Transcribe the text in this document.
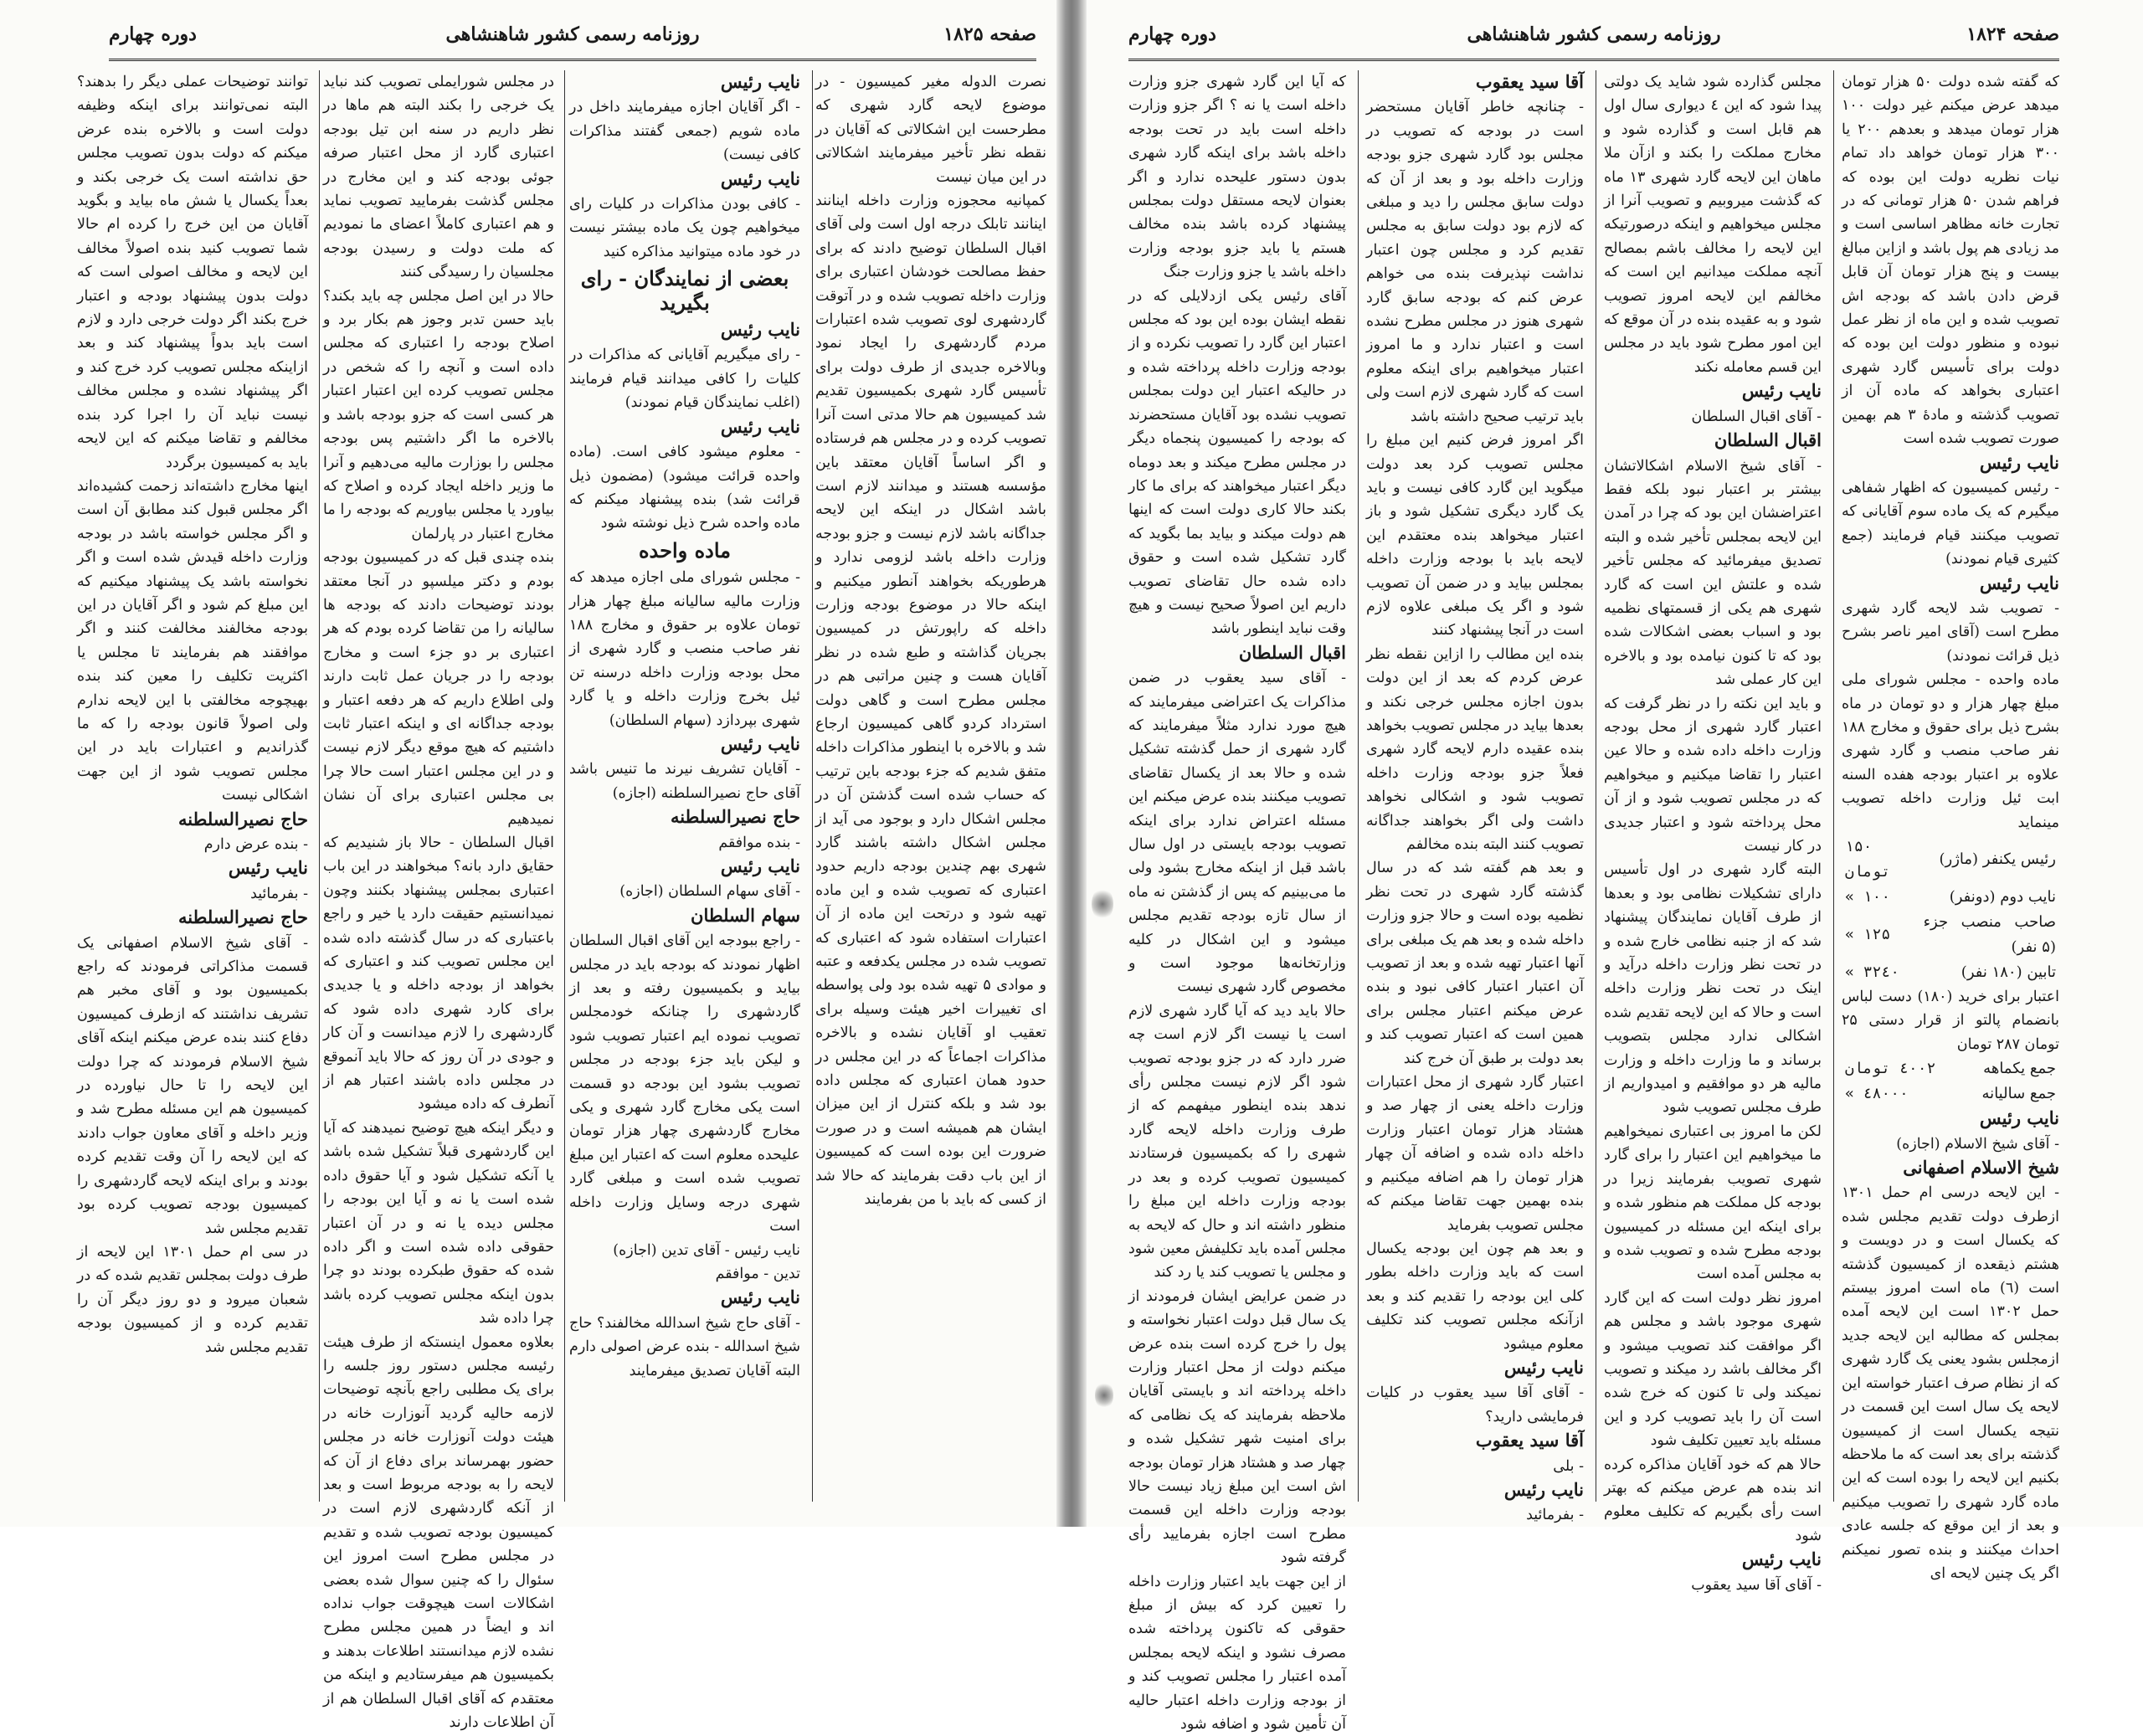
دوره چهارم	روزنامه رسمی کشور شاهنشاهی	صفحه ۱۸۲۵

نصرت الدوله مغیر کمیسیون - در موضوع لایحه گارد شهری که مطرحست این اشکالاتی که آقایان در نقطه نظر تأخیر میفرمایند اشکالاتی در این میان نیست

کمپانیه محجوزه وزارت داخله اینانند اینانند تابلک درجه اول است ولی آقای اقبال السلطان توضیح دادند که برای حفظ مصالحت خودشان اعتباری برای وزارت داخله تصویب شده و در آتوقت گاردشهری لوی تصویب شده اعتبارات مردم گاردشهری را ایجاد نمود وبالاخره جدیدی از طرف دولت برای تأسیس گارد شهری بکمیسیون تقدیم شد کمیسیون هم حالا مدتی است آنرا تصویب کرده و در مجلس هم فرستاده و اگر اساساً آقایان معتقد باین مؤسسه هستند و میدانند لازم است باشد اشکال در اینکه این لایحه جداگانه باشد لازم نیست و جزو بودجه وزارت داخله باشد لزومی ندارد و هرطوریکه بخواهند آنطور میکنیم و اینکه حالا در موضوع بودجه وزارت داخله که راپورتش در کمیسیون بجریان گذاشته و طبع شده در نظر آقایان هست و چنین مراتبی هم در مجلس مطرح است و گاهی دولت استرداد کردو گاهی کمیسیون ارجاع شد و بالاخره با اینطور مذاکرات داخله متفق شدیم که جزء بودجه باین ترتیب که حساب شده است گذشتن آن در مجلس اشکال دارد و بوجود می آید از مجلس اشکال داشته باشند گارد شهری بهم چندین بودجه داریم حدود اعتباری که تصویب شده و این ماده تهیه شود و درتحت این ماده از آن اعتبارات استفاده شود که اعتباری که تصویب شده در مجلس یکدفعه و عتبه و موادی ۵ تهیه شده بود ولی پواسطه ای تغییرات اخیر هیئت وسیله برای تعقیب او آقایان نشده و بالاخره مذاکرات اجماعاً که در این مجلس در حدود همان اعتباری که مجلس داده بود شد و بلکه کنترل از این میزان ایشان هم همیشه است و در صورت ضرورت این بوده است که کمیسیون از این باب دقت بفرمایند که حالا شد از کسی که باید با من بفرمایند

نایب رئیس

- اگر آقایان اجازه میفرمایند داخل در ماده شویم (جمعی گفتند مذاکرات کافی نیست)

نایب رئیس

- کافی بودن مذاکرات در کلیات رای میخواهیم چون یک ماده بیشتر نیست در خود ماده میتوانید مذاکره کنید

بعضی از نمایندگان - رای بگیرید
نایب رئیس

- رای میگیریم آقایانی که مذاکرات در کلیات را کافی میدانند قیام فرمایند (اغلب نمایندگان قیام نمودند)

نایب رئیس

- معلوم میشود کافی است. (ماده واحده قرائت میشود) (مضمون ذیل قرائت شد) بنده پیشنهاد میکنم که ماده واحده شرح ذیل نوشته شود

ماده واحده

- مجلس شورای ملی اجازه میدهد که وزارت مالیه سالیانه مبلغ چهار هزار تومان علاوه بر حقوق و مخارج ۱۸۸ نفر صاحب منصب و گارد شهری از محل بودجه وزارت داخله درسنه تن ئیل بخرج وزارت داخله و یا گارد شهری بپردازد (سهام السلطان)

نایب رئیس

- آقایان تشریف نیرند ما تنیس باشد آقای حاج نصیرالسلطنه (اجازه)

حاج نصیرالسلطنه

- بنده موافقم

نایب رئیس

- آقای سهام السلطان (اجازه)

سهام السلطان

- راجع ببودجه این آقای اقبال السلطان اظهار نمودند که بودجه باید در مجلس بیاید و بکمیسیون رفته و بعد از گاردشهری را چنانکه خودمجلس تصویب نموده ایم اعتبار تصویب شود و لیکن باید جزء بودجه در مجلس تصویب بشود این بودجه دو قسمت است یکی مخارج گارد شهری و یکی مخارج گاردشهری چهار هزار تومان علیحده معلوم است که اعتبار این مبلغ تصویب شده است و مبلغی گارد شهری درجه وسایل وزارت داخله است

نایب رئیس - آقای تدین (اجازه)

تدین - موافقم

نایب رئیس

- آقای حاج شیخ اسدالله مخالفند؟ حاج شیخ اسدالله - بنده عرض اصولی دارم البته آقایان تصدیق میفرمایند

در مجلس شورایملی تصویب کند نباید یک خرجی را بکند البته هم ماها در نظر داریم در سنه ابن تیل بودجه اعتباری گارد از محل اعتبار صرفه جوئی بودجه کند و این مخارج در مجلس گذشت بفرمایید تصویب نماید و هم اعتباری کاملاً اعضای ما نمودیم که ملت دولت و رسیدن بودجه مجلسیان را رسیدگی کنند

حالا در این اصل مجلس چه باید بکند؟ باید حسن تدبر وجوز هم بکار برد و اصلاح بودجه را اعتباری که مجلس داده است و آنچه را که شخص در مجلس تصویب کرده این اعتبار اعتبار هر کسی است که جزو بودجه باشد و بالاخره ما اگر داشتیم پس بودجه مجلس را بوزارت مالیه می‌دهیم و آنرا ما وزیر داخله ایجاد کرده و اصلاح که بیاورد یا مجلس بیاوریم که بودجه را ما مخارج اعتبار در پارلمان

بنده چندی قبل که در کمیسیون بودجه بودم و دکتر میلسپو در آنجا معتقد بودند توضیحات دادند که بودجه ها سالیانه را من تقاضا کرده بودم که هر اعتباری بر دو جزء است و مخارج بودجه را در جریان عمل ثابت دارند ولی اطلاع داریم که هر دفعه اعتبار و بودجه جداگانه ای و اینکه اعتبار ثابت داشتیم که هیچ موقع دیگر لازم نیست و در این مجلس اعتبار است حالا چرا بی مجلس اعتباری برای آن نشان نمیدهیم

اقبال السلطان - حالا باز شنیدیم که حقایق دارد بانه؟ مبخواهند در این باب اعتباری بمجلس پیشنهاد بکنند وچون نمیدانستیم حقیقت دارد یا خیر و راجع باعتباری که در سال گذشته داده شده این مجلس تصویب کند و اعتباری که بخواهد از بودجه داخله و یا جدیدی برای کارد شهری داده شود که گاردشهری را لازم میدانست و آن کار و جودی در آن روز که حالا باید آنموقع در مجلس داده باشند اعتبار هم از آنطرف که داده میشود

و دیگر اینکه هیچ توضیح نمیدهند که آیا این گاردشهری قبلاً تشکیل شده باشد یا آنکه تشکیل شود و آیا حقوق داده شده است یا نه و آیا این بودجه را مجلس دیده یا نه و در آن اعتبار حقوقی داده شده است و اگر داده شده که حقوق طبکرده بودند دو چرا بدون اینکه مجلس تصویب کرده باشد چرا داده شد

بعلاوه معمول اینستکه از طرف هیئت رئیسه مجلس دستور روز جلسه را برای یک مطلبی راجع بآنچه توضیحات لازمه حالیه گردید آنوزارت خانه در هیئت دولت آنوزارت خانه در مجلس حضور بهمرساند برای دفاع از آن که لایحه را به بودجه مربوط است و بعد از آنکه گاردشهری لازم است در کمیسیون بودجه تصویب شده و تقدیم در مجلس مطرح است امروز این سئوال را که چنین سوال شده بعضی اشکالات است هیچوقت جواب نداده اند و ایضاً در همین مجلس مطرح نشده لازم میدانستند اطلاعات بدهند و بکمیسیون هم میفرستادیم و اینکه من معتقدم که آقای اقبال السلطان هم از آن اطلاعات دارند

توانند توضیحات عملی دیگر را بدهند؟ البته نمی‌توانند برای اینکه وظیفه دولت است و بالاخره بنده عرض میکنم که دولت بدون تصویب مجلس حق نداشته است یک خرجی بکند و بعداً یکسال یا شش ماه بیاید و بگوید آقایان من این خرج را کرده ام حالا شما تصویب کنید بنده اصولاً مخالف این لایحه و مخالف اصولی است که دولت بدون پیشنهاد بودجه و اعتبار خرج بکند اگر دولت خرجی دارد و لازم است باید بدواً پیشنهاد کند و بعد ازاینکه مجلس تصویب کرد خرج کند و اگر پیشنهاد نشده و مجلس مخالف نیست نباید آن را اجرا کرد بنده مخالفم و تقاضا میکنم که این لایحه باید به کمیسیون برگردد

اینها مخارج داشته‌اند زحمت کشیده‌اند اگر مجلس قبول کند مطابق آن است و اگر مجلس خواسته باشد در بودجه وزارت داخله قیدش شده است و اگر نخواسته باشد یک پیشنهاد میکنیم که این مبلغ کم شود و اگر آقایان در این بودجه مخالفند مخالفت کنند و اگر موافقند هم بفرمایند تا مجلس یا اکثریت تکلیف را معین کند بنده بهیچوجه مخالفتی با این لایحه ندارم ولی اصولاً قانون بودجه را که ما گذراندیم و اعتبارات باید در این مجلس تصویب شود از این جهت اشکالی نیست

حاج نصیرالسلطنه

- بنده عرض دارم

نایب رئیس

- بفرمائید

حاج نصیرالسلطنه

- آقای شیخ الاسلام اصفهانی یک قسمت مذاکراتی فرمودند که راجع بکمیسیون بود و آقای مخبر هم تشریف نداشتند که ازطرف کمیسیون دفاع کنند بنده عرض میکنم اینکه آقای شیخ الاسلام فرمودند که چرا دولت این لایحه را تا حال نیاورده در کمیسیون هم این مسئله مطرح شد و وزیر داخله و آقای معاون جواب دادند که این لایحه را آن وقت تقدیم کرده بودند و برای اینکه لایحه گاردشهری را کمیسیون بودجه تصویب کرده بود تقدیم مجلس شد

در سی ام حمل ۱۳۰۱ این لایحه از طرف دولت بمجلس تقدیم شده که در شعبان میرود و دو روز دیگر آن را تقدیم کرده و از کمیسیون بودجه تقدیم مجلس شد

دوره چهارم	روزنامه رسمی کشور شاهنشاهی	صفحه ۱۸۲۴

که گفته شده دولت ۵۰ هزار تومان میدهد عرض میکنم غیر دولت ۱۰۰ هزار تومان میدهد و بعدهم ۲۰۰ یا ۳۰۰ هزار تومان خواهد داد تمام نیات نظریه دولت این بوده که فراهم شدن ۵۰ هزار تومانی که در تجارت خانه مظاهر اساسی است و مد زیادی هم پول باشد و ازاین مبالغ بیست و پنج هزار تومان آن قابل قرض دادن باشد که بودجه اش تصویب شده و این ماه از نظر عمل نبوده و منظور دولت این بوده که دولت برای تأسیس گارد شهری اعتباری بخواهد که ماده آن از تصویب گذشته و مادهٔ ۳ هم بهمین صورت تصویب شده است

نایب رئیس

- رئیس کمیسیون که اظهار شفاهی میگیرم که یک ماده سوم آقایانی که تصویب میکنند قیام فرمایند (جمع کثیری قیام نمودند)

نایب رئیس

- تصویب شد لایحه گارد شهری مطرح است (آقای امیر ناصر بشرح ذیل قرائت نمودند)

ماده واحده - مجلس شورای ملی مبلغ چهار هزار و دو تومان در ماه بشرح ذیل برای حقوق و مخارج ۱۸۸ نفر صاحب منصب و گارد شهری علاوه بر اعتبار بودجه هفده السنه ابت ئیل وزارت داخله تصویب مینماید

رئیس یکنفر (ماژر)	۱۵۰ تومان
نایب دوم (دونفر)	۱۰۰ »
صاحب منصب جزء (۵ نفر)	۱۲۵ »
تابین (۱۸۰ نفر)	۳۲٤۰ »

اعتبار برای خرید (۱۸۰) دست لباس بانضمام پالتو از قرار دستی ۲۵ تومان ۲۸۷ تومان

جمع یکماهه	٤۰۰۲ تومان
جمع سالیانه	٤۸۰۰۰ »
نایب رئیس

- آقای شیخ الاسلام (اجازه)

شیخ الاسلام اصفهانی

- این لایحه درسی ام حمل ۱۳۰۱ ازطرف دولت تقدیم مجلس شده که یکسال است و در دویست و هشتم ذیقعده از کمیسیون گذشته است (٦) ماه است امروز بیستم حمل ۱۳۰۲ است این لایحه آمده بمجلس که مطالبه این لایحه جدید ازمجلس بشود یعنی یک گارد شهری که از نظام صرف اعتبار خواسته این لایحه یک سال است این قسمت در نتیجه یکسال است از کمیسیون گذشته برای بعد است که ما ملاحظه بکنیم این لایحه را بوده است که این ماده گارد شهری را تصویب میکنیم و بعد از این موقع که جلسه عادی احداث میکنند و بنده تصور نمیکنم اگر یک چنین لایحه ای

مجلس گذارده شود شاید یک دولتی پیدا شود که این ٤ دیواری سال اول هم قابل است و گذارده شود و مخارج مملکت را بکند و ازآن ملا ماهان این لایحه گارد شهری ۱۳ ماه که گذشت میروبیم و تصویب آنرا از مجلس میخواهیم و اینکه درصورتیکه این لایحه را مخالف باشم بمصالح آنچه مملکت میدانیم این است که مخالفم این لایحه امروز تصویب شود و به عقیده بنده در آن موقع که این امور مطرح شود بايد در مجلس این قسم معامله نکند

نایب رئیس

- آقای اقبال السلطان

اقبال السلطان

- آقای شیخ الاسلام اشکالاتشان بیشتر بر اعتبار نبود بلکه فقط اعتراضشان این بود که چرا در آمدن این لایحه بمجلس تأخیر شده و البته تصدیق میفرمائید که مجلس تأخیر شده و علتش این است که گارد شهری هم یکی از قسمتهای نظمیه بود و اسباب بعضی اشکالات شده بود که تا کنون نیامده بود و بالاخره این کار عملی شد

و باید این نکته را در نظر گرفت که اعتبار گارد شهری از محل بودجه وزارت داخله داده شده و حالا عین اعتبار را تقاضا میکنیم و میخواهیم که در مجلس تصویب شود و از آن محل پرداخته شود و اعتبار جدیدی در کار نیست

البته گارد شهری در اول تأسیس دارای تشکیلات نظامی بود و بعدها از طرف آقایان نمایندگان پیشنهاد شد که از جنبه نظامی خارج شده و در تحت نظر وزارت داخله درآید و اینک در تحت نظر وزارت داخله است و حالا که این لایحه تقدیم شده اشکالی ندارد مجلس بتصویب برساند و ما وزارت داخله و وزارت مالیه هر دو موافقیم و امیدواریم از طرف مجلس تصویب شود

لکن ما امروز بی اعتباری نمیخواهیم ما میخواهیم این اعتبار را برای گارد شهری تصویب بفرمایند زیرا در بودجه کل مملکت هم منظور شده و برای اینکه این مسئله در کمیسیون بودجه مطرح شده و تصویب شده و به مجلس آمده است

امروز نظر دولت است که این گارد شهری موجود باشد و مجلس هم اگر موافقت کند تصویب میشود و اگر مخالف باشد رد میکند و تصویب نمیکند ولی تا کنون که خرج شده است آن را باید تصویب کرد و این مسئله باید تعیین تکلیف شود

حالا هم که خود آقایان مذاکره کرده اند بنده هم عرض میکنم که بهتر است رأی بگیریم که تکلیف معلوم شود

نایب رئیس

- آقای آقا سید یعقوب

آقا سید یعقوب

- چنانچه خاطر آقایان مستحضر است در بودجه که تصویب در مجلس بود گارد شهری جزو بودجه وزارت داخله بود و بعد از آن که دولت سابق مجلس را دید و مبلغی که لازم بود دولت سابق به مجلس تقدیم کرد و مجلس چون اعتبار نداشت نپذیرفت بنده می خواهم عرض کنم که بودجه سابق گارد شهری هنوز در مجلس مطرح نشده است و اعتبار ندارد و ما امروز اعتبار میخواهیم برای اینکه معلوم است که گارد شهری لازم است ولی باید ترتیب صحیح داشته باشد

اگر امروز فرض کنیم این مبلغ را مجلس تصویب کرد بعد دولت میگوید این گارد کافی نیست و باید یک گارد دیگری تشکیل شود و باز اعتبار میخواهد بنده معتقدم این لایحه باید با بودجه وزارت داخله بمجلس بیاید و در ضمن آن تصویب شود و اگر یک مبلغی علاوه لازم است در آنجا پیشنهاد کنند

بنده این مطالب را ازاین نقطه نظر عرض کردم که بعد از این دولت بدون اجازه مجلس خرجی نکند و بعدها بیاید در مجلس تصویب بخواهد بنده عقیده دارم لایحه گارد شهری فعلاً جزو بودجه وزارت داخله تصویب شود و اشکالی نخواهد داشت ولی اگر بخواهند جداگانه تصویب کنند البته بنده مخالفم

و بعد هم گفته شد که در سال گذشته گارد شهری در تحت نظر نظمیه بوده است و حالا جزو وزارت داخله شده و بعد هم یک مبلغی برای آنها اعتبار تهیه شده و بعد از تصویب آن اعتبار اعتبار کافی نبود و بنده عرض میکنم اعتبار مجلس برای همین است که اعتبار تصویب کند و بعد دولت بر طبق آن خرج کند

اعتبار گارد شهری از محل اعتبارات وزارت داخله یعنی از چهار صد و هشتاد هزار تومان اعتبار وزارت داخله داده شده و اضافه آن چهار هزار تومان را هم اضافه میکنیم و بنده بهمین جهت تقاضا میکنم که مجلس تصویب بفرماید

و بعد هم چون این بودجه یکسال است که باید وزارت داخله بطور کلی این بودجه را تقدیم کند و بعد ازآنکه مجلس تصویب کند تکلیف معلوم میشود

نایب رئیس

- آقای آقا سید یعقوب در کلیات فرمایشی دارید؟

آقا سید یعقوب

- بلی

نایب رئیس

- بفرمائید

که آیا این گارد شهری جزو وزارت داخله است یا نه ؟ اگر جزو وزارت داخله است باید در تحت بودجه داخله باشد برای اینکه گارد شهری بدون دستور علیحده ندارد و اگر بعنوان لایحه مستقل دولت بمجلس پیشنهاد کرده باشد بنده مخالف هستم یا باید جزو بودجه وزارت داخله باشد یا جزو وزارت جنگ

آقای رئیس یکی ازدلایلی که در نقطه ایشان بوده این بود که مجلس اعتبار این گارد را تصویب نکرده و از بودجه وزارت داخله پرداخته شده و در حالیکه اعتبار این دولت بمجلس تصویب نشده بود آقایان مستحضرند که بودجه را کمیسیون پنجماه دیگر در مجلس مطرح میکند و بعد دوماه دیگر اعتبار میخواهند که برای ما کار بکند حالا کاری دولت است که اینها هم دولت میکند و بیاید بما بگوید که گارد تشکیل شده است و حقوق داده شده حال تقاضای تصویب داریم این اصولاً صحیح نیست و هیچ وقت نباید اینطور باشد

اقبال السلطان

- آقای سید یعقوب در ضمن مذاکرات یک اعتراضی میفرمایند که هیچ مورد ندارد مثلاً میفرمایند که گارد شهری از حمل گذشته تشکیل شده و حالا بعد از یکسال تقاضای تصویب میکنند بنده عرض میکنم این مسئله اعتراض ندارد برای اینکه تصویب بودجه بایستی در اول سال باشد قبل از اینکه مخارج بشود ولی ما می‌بینیم که پس از گذشتن نه ماه از سال تازه بودجه تقدیم مجلس میشود و این اشکال در کلیه وزارتخانه‌ها موجود است و مخصوص گارد شهری نیست

حالا باید دید که آیا گارد شهری لازم است یا نیست اگر لازم است چه ضرر دارد که در جزو بودجه تصویب شود اگر لازم نیست مجلس رأی ندهد بنده اینطور میفهمم که از طرف وزارت داخله لایحه گارد شهری را که بکمیسیون فرستادند کمیسیون تصویب کرده و بعد در بودجه وزارت داخله این مبلغ را منظور داشته اند و حال که لایحه به مجلس آمده باید تکلیفش معین شود و مجلس یا تصویب کند یا رد کند

در ضمن عرایض ایشان فرمودند از یک سال قبل دولت اعتبار نخواسته و پول را خرج کرده است بنده عرض میکنم دولت از محل اعتبار وزارت داخله پرداخته اند و بایستی آقایان ملاحظه بفرمایند که یک نظامی که برای امنیت شهر تشکیل شده و چهار صد و هشتاد هزار تومان بودجه اش است این مبلغ زیاد نیست حالا بودجه وزارت داخله این قسمت مطرح است اجازه بفرمایید رأی گرفته شود

از این جهت باید اعتبار وزارت داخله را تعیین کرد که بیش از مبلغ حقوقی که تاکنون پرداخته شده مصرف نشود و اینکه لایحه بمجلس آمده اعتبار را مجلس تصویب کند و از بودجه وزارت داخله اعتبار حالیه آن تأمین شود و اضافه شود
